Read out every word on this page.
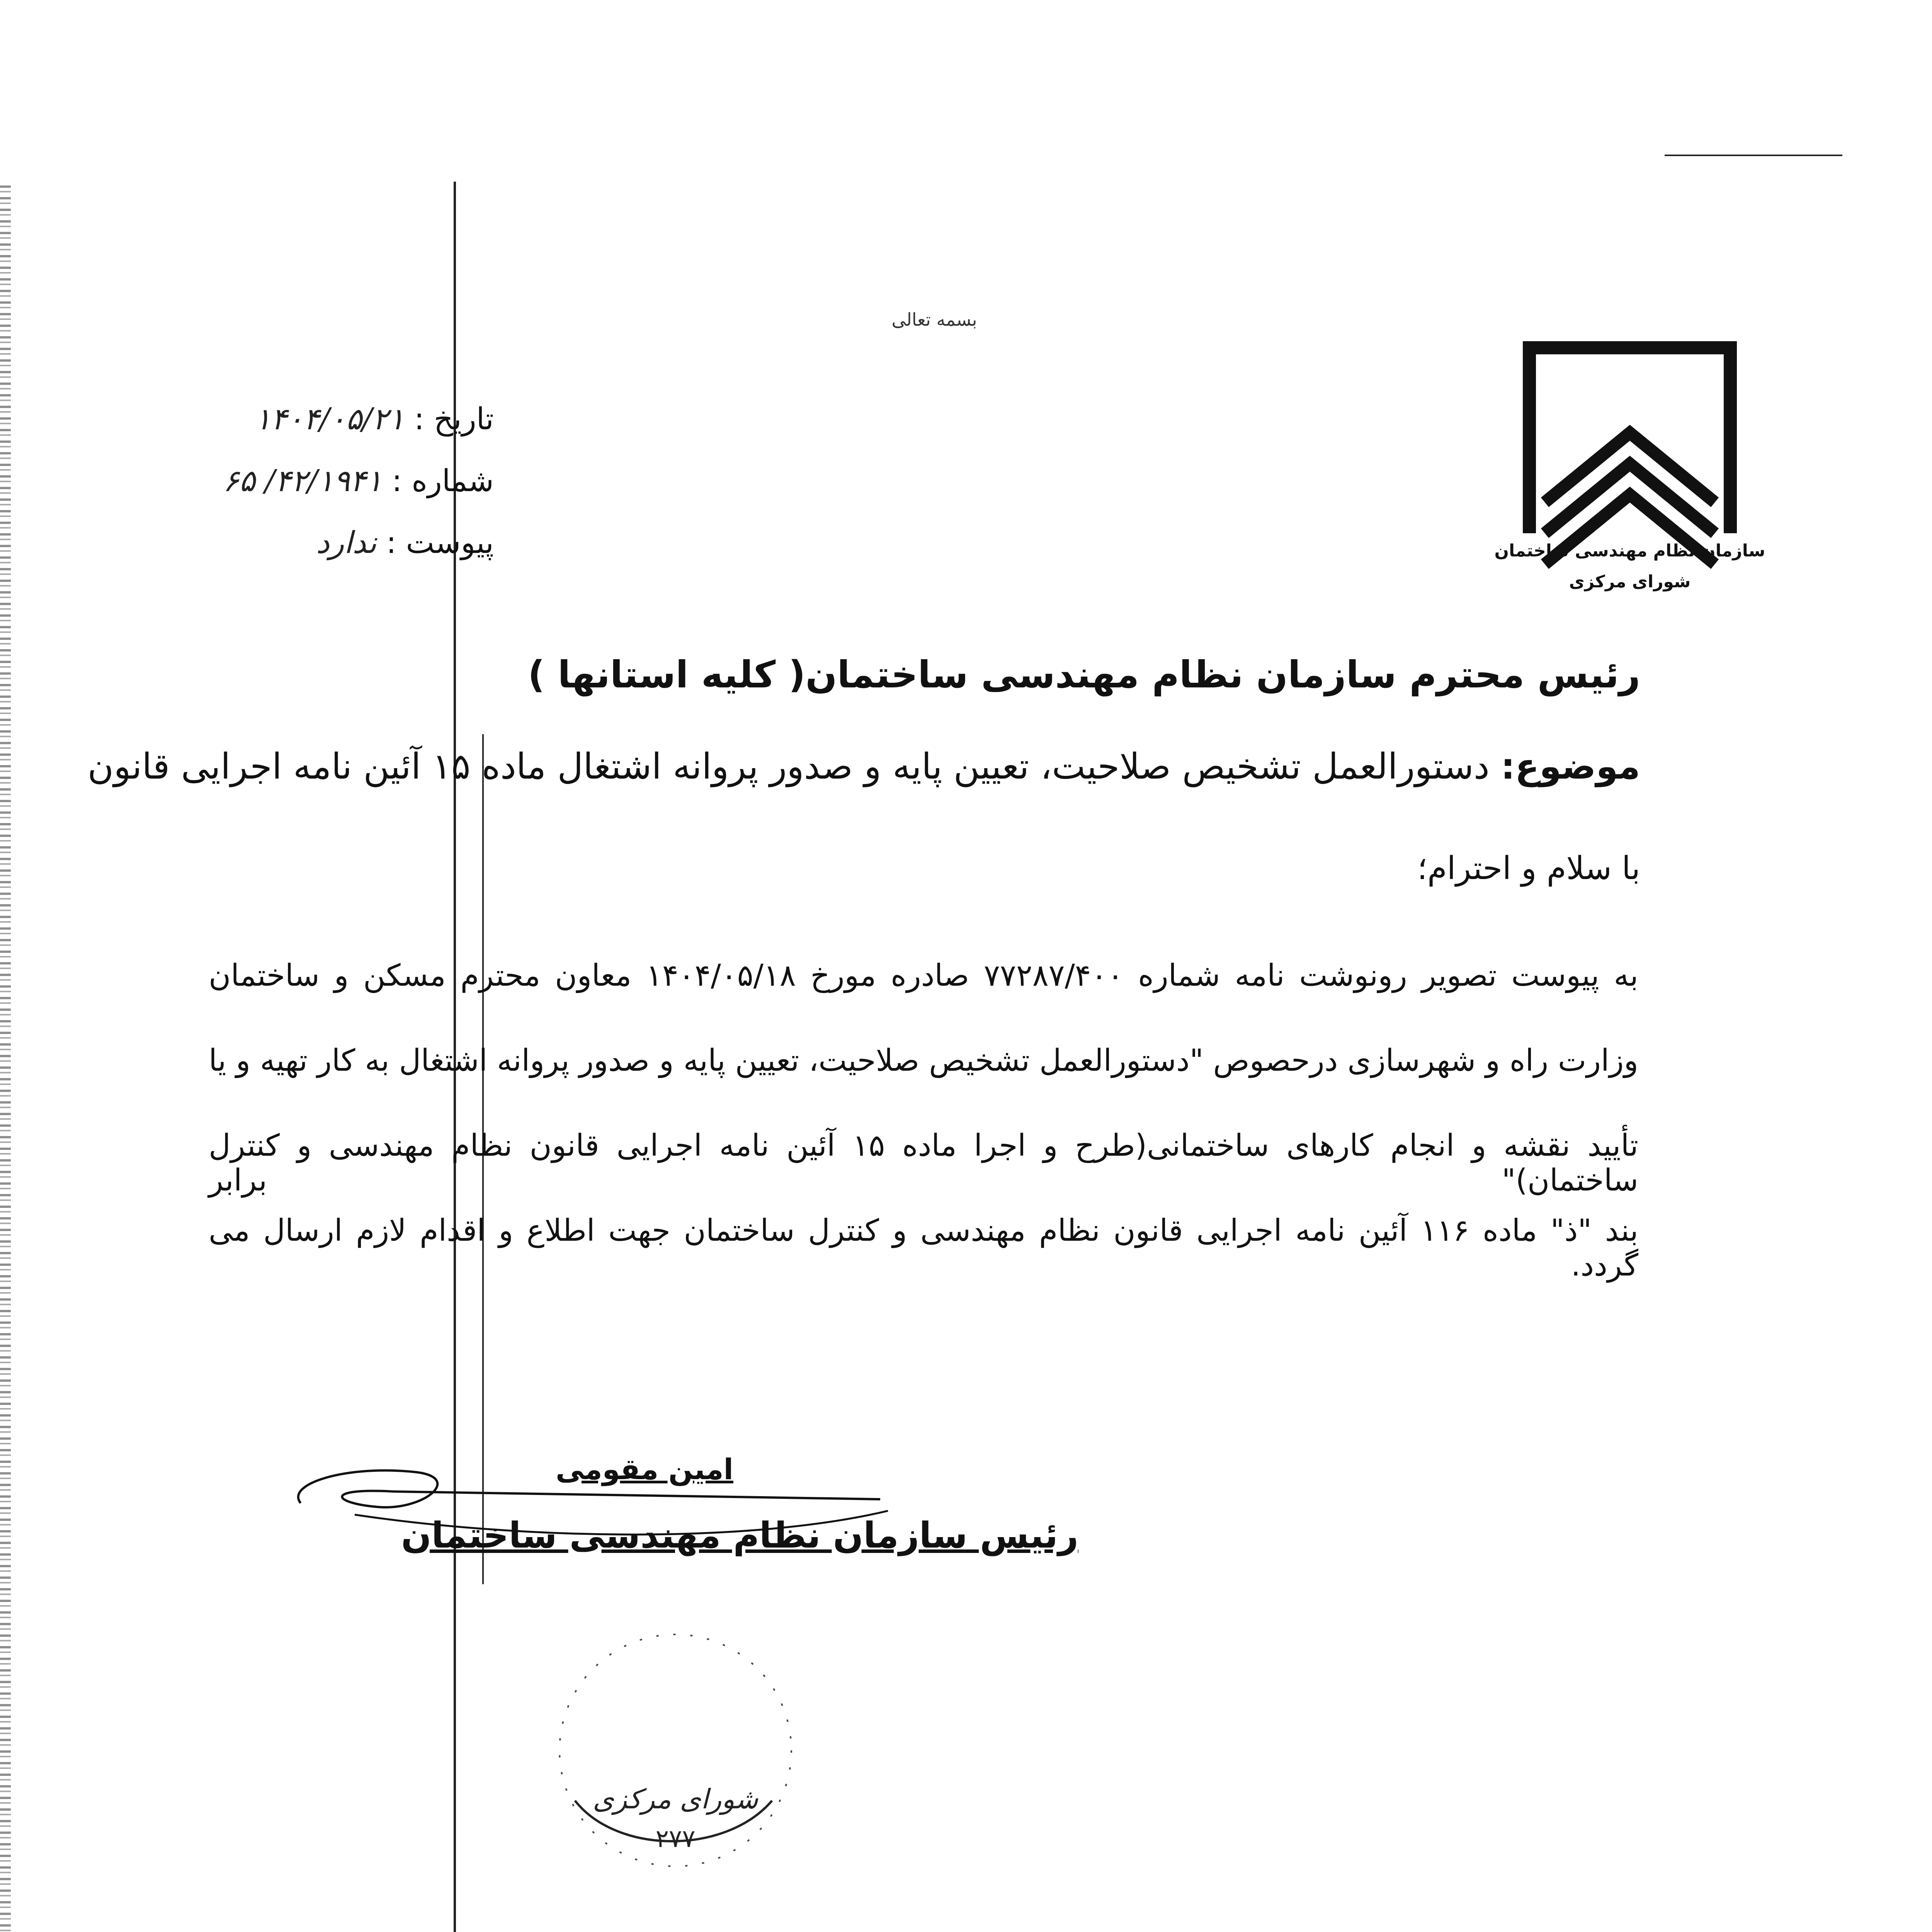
بسمه تعالی
تاریخ : ۱۴۰۴/۰۵/۲۱
شماره : ۴۲/۱۹۴۱/ ۶۵
پیوست : ندارد	سازمان نظام مهندسی ساختمان
شورای مرکزی
رئیس محترم سازمان نظام مهندسی ساختمان( کلیه استانها )
موضوع: دستورالعمل تشخیص صلاحیت، تعیین پایه و صدور پروانه اشتغال ماده ۱۵ آئین نامه اجرایی قانون
با سلام و احترام؛
به پیوست تصویر رونوشت نامه شماره ۷۷۲۸۷/۴۰۰ صادره مورخ ۱۴۰۴/۰۵/۱۸ معاون محترم مسکن و ساختمان
وزارت راه و شهرسازی درحصوص "دستورالعمل تشخیص صلاحیت، تعیین پایه و صدور پروانه اشتغال به کار تهیه و یا
تأیید نقشه و انجام کارهای ساختمانی(طرح و اجرا ماده ۱۵ آئین نامه اجرایی قانون نظام مهندسی و کنترل ساختمان)" برابر
بند "ذ" ماده ۱۱۶ آئین نامه اجرایی قانون نظام مهندسی و کنترل ساختمان جهت اطلاع و اقدام لازم ارسال می گردد.
امین مقومی
رئیس سازمان نظام مهندسی ساختمان
شورای مرکزی
۲۷۷
